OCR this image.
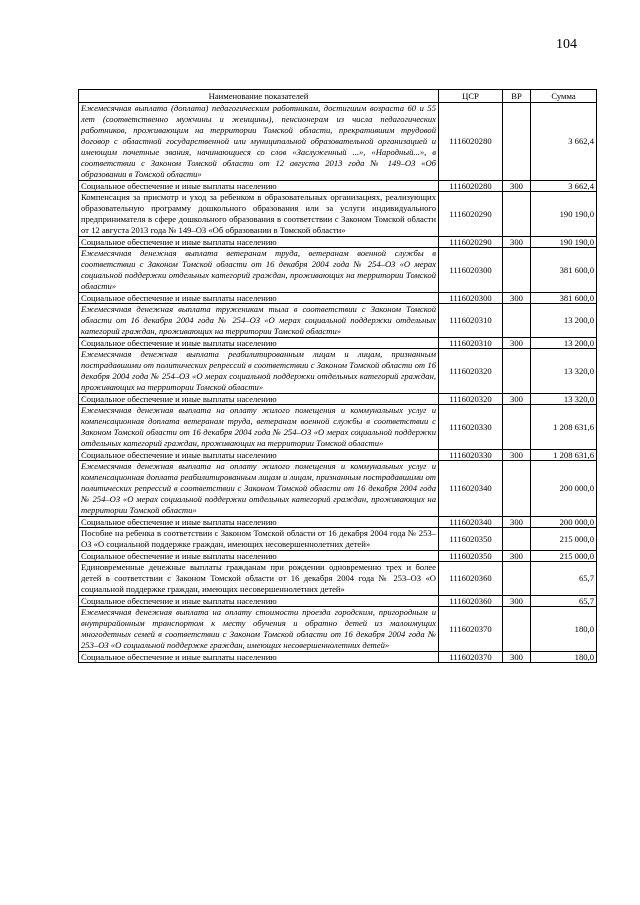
104
Наименование показателей	ЦСР	ВР	Сумма
Ежемесячная выплата (доплата) педагогическим работникам, достигшим возраста 60 и 55 лет (соответственно мужчины и женщины), пенсионерам из числа педагогических работников, проживающим на территории Томской области, прекратившим трудовой договор с областной государственной или муниципальной образовательной организацией и имеющим почетные звания, начинающиеся со слов «Заслуженный ...», «Народный...», в соответствии с Законом Томской области от 12 августа 2013 года № 149–ОЗ «Об образовании в Томской области»	1116020280		3 662,4
Социальное обеспечение и иные выплаты населению	1116020280	300	3 662,4
Компенсация за присмотр и уход за ребенком в образовательных организациях, реализующих образовательную программу дошкольного образования или за услуги индивидуального предпринимателя в сфере дошкольного образования в соответствии с Законом Томской области от 12 августа 2013 года № 149–ОЗ «Об образовании в Томской области»	1116020290		190 190,0
Социальное обеспечение и иные выплаты населению	1116020290	300	190 190,0
Ежемесячная денежная выплата ветеранам труда, ветеранам военной службы в соответствии с Законом Томской области от 16 декабря 2004 года № 254–ОЗ «О мерах социальной поддержки отдельных категорий граждан, проживающих на территории Томской области»	1116020300		381 600,0
Социальное обеспечение и иные выплаты населению	1116020300	300	381 600,0
Ежемесячная денежная выплата труженикам тыла в соответствии с Законом Томской области от 16 декабря 2004 года № 254–ОЗ «О мерах социальной поддержки отдельных категорий граждан, проживающих на территории Томской области»	1116020310		13 200,0
Социальное обеспечение и иные выплаты населению	1116020310	300	13 200,0
Ежемесячная денежная выплата реабилитированным лицам и лицам, признанным пострадавшими от политических репрессий в соответствии с Законом Томской области от 16 декабря 2004 года № 254–ОЗ «О мерах социальной поддержки отдельных категорий граждан, проживающих на территории Томской области»	1116020320		13 320,0
Социальное обеспечение и иные выплаты населению	1116020320	300	13 320,0
Ежемесячная денежная выплата на оплату жилого помещения и коммунальных услуг и компенсационная доплата ветеранам труда, ветеранам военной службы в соответствии с Законом Томской области от 16 декабря 2004 года № 254–ОЗ «О мерах социальной поддержки отдельных категорий граждан, проживающих на территории Томской области»	1116020330		1 208 631,6
Социальное обеспечение и иные выплаты населению	1116020330	300	1 208 631,6
Ежемесячная денежная выплата на оплату жилого помещения и коммунальных услуг и компенсационная доплата реабилитированным лицам и лицам, признанным пострадавшими от политических репрессий в соответствии с Законом Томской области от 16 декабря 2004 года № 254–ОЗ «О мерах социальной поддержки отдельных категорий граждан, проживающих на территории Томской области»	1116020340		200 000,0
Социальное обеспечение и иные выплаты населению	1116020340	300	200 000,0
Пособие на ребенка в соответствии с Законом Томской области от 16 декабря 2004 года № 253–ОЗ «О социальной поддержке граждан, имеющих несовершеннолетних детей»	1116020350		215 000,0
Социальное обеспечение и иные выплаты населению	1116020350	300	215 000,0
Единовременные денежные выплаты гражданам при рождении одновременно трех и более детей в соответствии с Законом Томской области от 16 декабря 2004 года № 253–ОЗ «О социальной поддержке граждан, имеющих несовершеннолетних детей»	1116020360		65,7
Социальное обеспечение и иные выплаты населению	1116020360	300	65,7
Ежемесячная денежная выплата на оплату стоимости проезда городским, пригородным и внутрирайонным транспортом к месту обучения и обратно детей из малоимущих многодетных семей в соответствии с Законом Томской области от 16 декабря 2004 года № 253–ОЗ «О социальной поддержке граждан, имеющих несовершеннолетних детей»	1116020370		180,0
Социальное обеспечение и иные выплаты населению	1116020370	300	180,0
